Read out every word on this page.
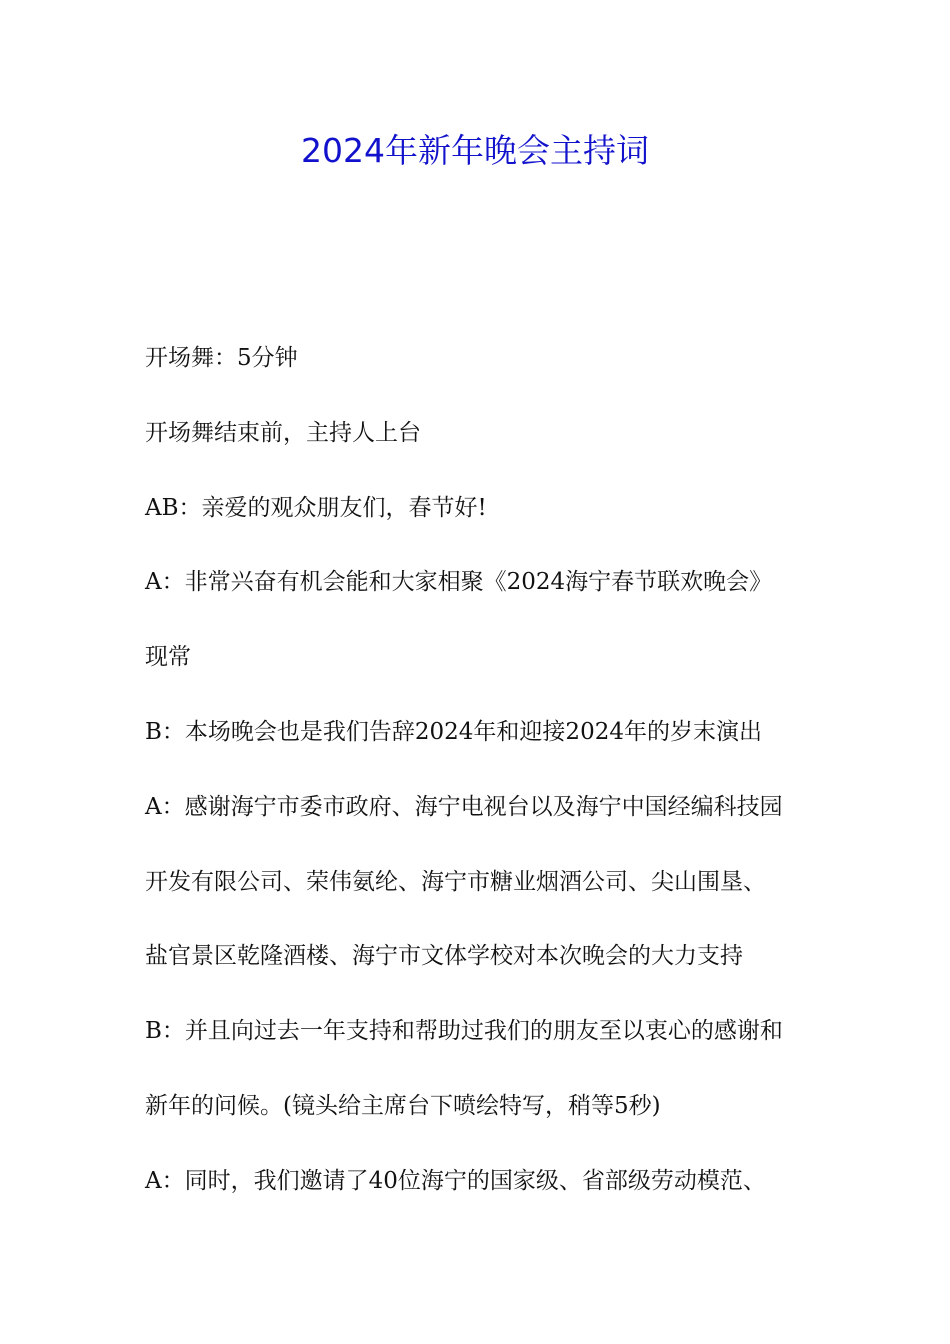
2024年新年晚会主持词
开场舞：5分钟
开场舞结束前，主持人上台
AB：亲爱的观众朋友们，春节好!
A：非常兴奋有机会能和大家相聚《2024海宁春节联欢晚会》
现常
B：本场晚会也是我们告辞2024年和迎接2024年的岁末演出
A：感谢海宁市委市政府、海宁电视台以及海宁中国经编科技园
开发有限公司、荣伟氨纶、海宁市糖业烟酒公司、尖山围垦、
盐官景区乾隆酒楼、海宁市文体学校对本次晚会的大力支持
B：并且向过去一年支持和帮助过我们的朋友至以衷心的感谢和
新年的问候。(镜头给主席台下喷绘特写，稍等5秒)
A：同时，我们邀请了40位海宁的国家级、省部级劳动模范、
